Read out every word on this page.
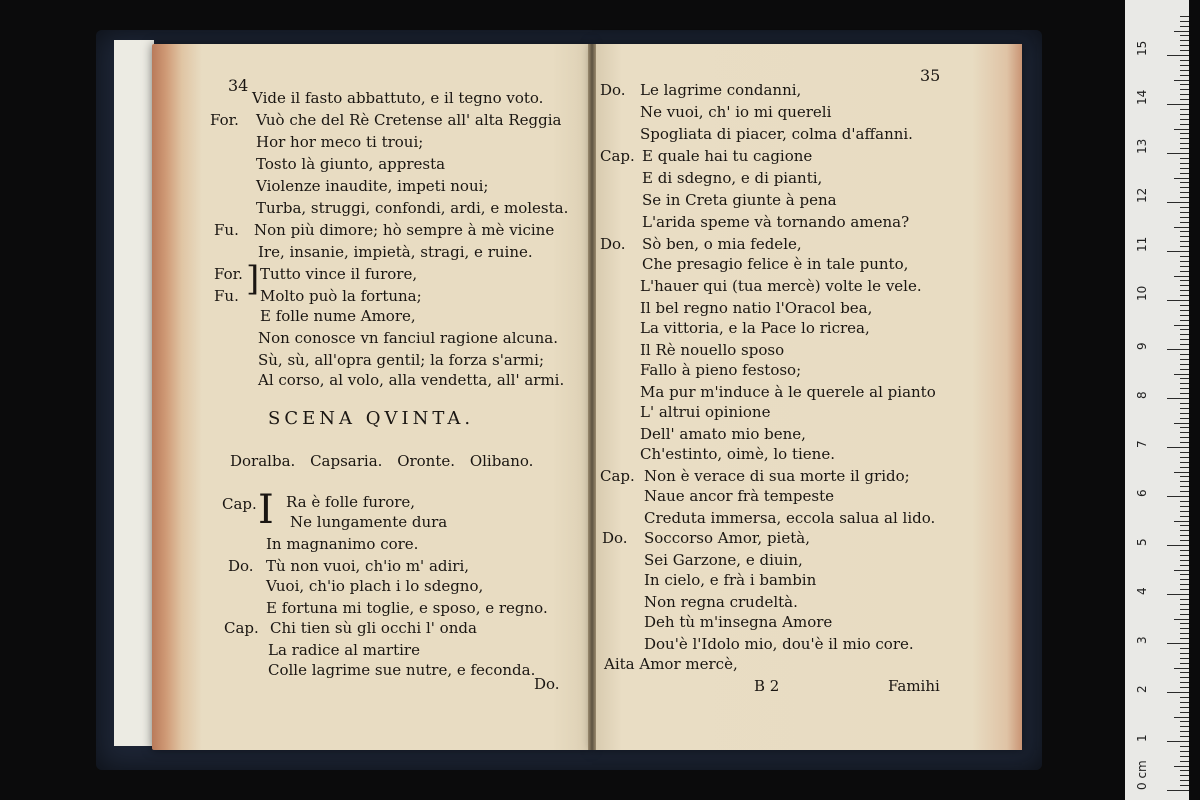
34
Vide il fasto abbattuto, e il tegno voto.
For. Vuò che del Rè Cretense all' alta Reggia
Hor hor meco ti troui;
Tosto là giunto, appresta
Violenze inaudite, impeti noui;
Turba, struggi, confondi, ardi, e molesta.
Fu. Non più dimore; hò sempre à mè vicine
Ire, insanie, impietà, stragi, e ruine.
For.
Fu. ] Tutto vince il furore,
Molto può la fortuna;
E folle nume Amore,
Non conosce vn fanciul ragione alcuna.
Sù, sù, all'opra gentil; la forza s'armi;
Al corso, al volo, alla vendetta, all' armi.
SCENA QVINTA.
Doralba. Capsaria. Oronte. Olibano.
Cap. I Ra è folle furore,
Ne lungamente dura
In magnanimo core.
Do. Tù non vuoi, ch'io m' adiri,
Vuoi, ch'io plach i lo sdegno,
E fortuna mi toglie, e sposo, e regno.
Cap. Chi tien sù gli occhi l' onda
La radice al martire
Colle lagrime sue nutre, e feconda.
Do.
35
Do. Le lagrime condanni,
Ne vuoi, ch' io mi quereli
Spogliata di piacer, colma d'affanni.
Cap. E quale hai tu cagione
E di sdegno, e di pianti,
Se in Creta giunte à pena
L'arida speme và tornando amena?
Do. Sò ben, o mia fedele,
Che presagio felice è in tale punto,
L'hauer qui (tua mercè) volte le vele.
Il bel regno natio l'Oracol bea,
La vittoria, e la Pace lo ricrea,
Il Rè nouello sposo
Fallo à pieno festoso;
Ma pur m'induce à le querele al pianto
L' altrui opinione
Dell' amato mio bene,
Ch'estinto, oimè, lo tiene.
Cap. Non è verace di sua morte il grido;
Naue ancor frà tempeste
Creduta immersa, eccola salua al lido.
Do. Soccorso Amor, pietà,
Sei Garzone, e diuin,
In cielo, e frà i bambin
Non regna crudeltà.
Deh tù m'insegna Amore
Dou'è l'Idolo mio, dou'è il mio core.
Aita Amor mercè,
B 2	Famihi
0 cm
1
2
3
4
5
6
7
8
9
10
11
12
13
14
15
